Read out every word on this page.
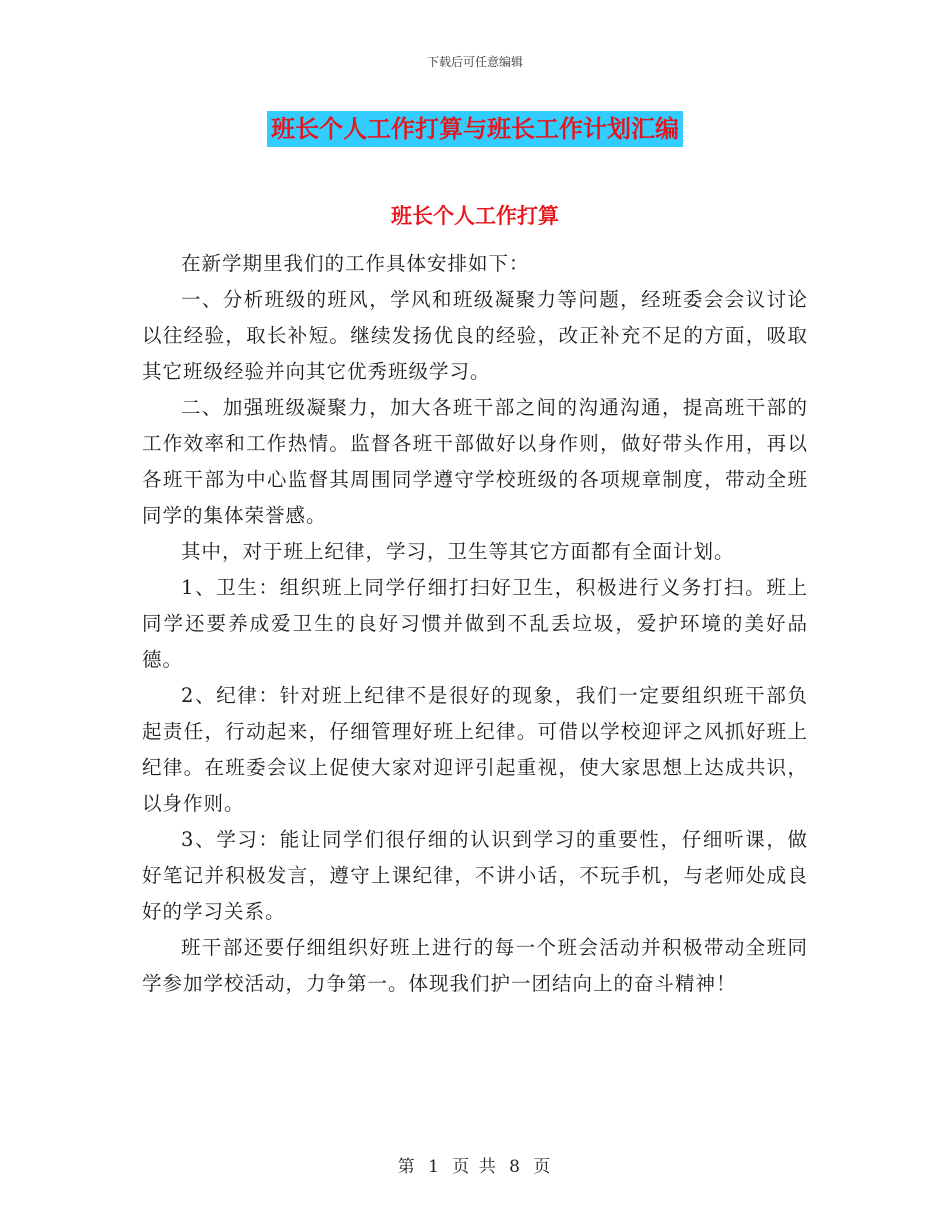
下载后可任意编辑
班长个人工作打算与班长工作计划汇编
班长个人工作打算

在新学期里我们的工作具体安排如下：

一、分析班级的班风，学风和班级凝聚力等问题，经班委会会议讨论以往经验，取长补短。继续发扬优良的经验，改正补充不足的方面，吸取其它班级经验并向其它优秀班级学习。

二、加强班级凝聚力，加大各班干部之间的沟通沟通，提高班干部的工作效率和工作热情。监督各班干部做好以身作则，做好带头作用，再以各班干部为中心监督其周围同学遵守学校班级的各项规章制度，带动全班同学的集体荣誉感。

其中，对于班上纪律，学习，卫生等其它方面都有全面计划。

1、卫生：组织班上同学仔细打扫好卫生，积极进行义务打扫。班上同学还要养成爱卫生的良好习惯并做到不乱丢垃圾，爱护环境的美好品德。

2、纪律：针对班上纪律不是很好的现象，我们一定要组织班干部负起责任，行动起来，仔细管理好班上纪律。可借以学校迎评之风抓好班上纪律。在班委会议上促使大家对迎评引起重视，使大家思想上达成共识，以身作则。

3、学习：能让同学们很仔细的认识到学习的重要性，仔细听课，做好笔记并积极发言，遵守上课纪律，不讲小话，不玩手机，与老师处成良好的学习关系。

班干部还要仔细组织好班上进行的每一个班会活动并积极带动全班同学参加学校活动，力争第一。体现我们护一团结向上的奋斗精神！

第 1 页 共 8 页
